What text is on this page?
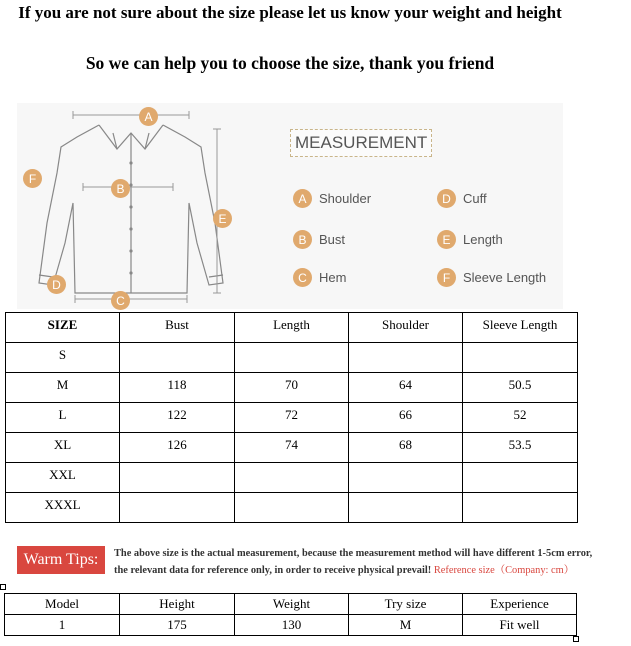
If you are not sure about the size please let us know your weight and height
So we can help you to choose the size, thank you friend
A
B
C
D
E
F
MEASUREMENT
A Shoulder
B Bust
C Hem
D Cuff
E Length
F Sleeve Length
SIZE	Bust	Length	Shoulder	Sleeve Length
S				
M	118	70	64	50.5
L	122	72	66	52
XL	126	74	68	53.5
XXL				
XXXL				
Warm Tips:	The above size is the actual measurement, because the measurement method will have different 1-5cm error,
the relevant data for reference only, in order to receive physical prevail! Reference size（Company: cm）
Model	Height	Weight	Try size	Experience
1	175	130	M	Fit well
